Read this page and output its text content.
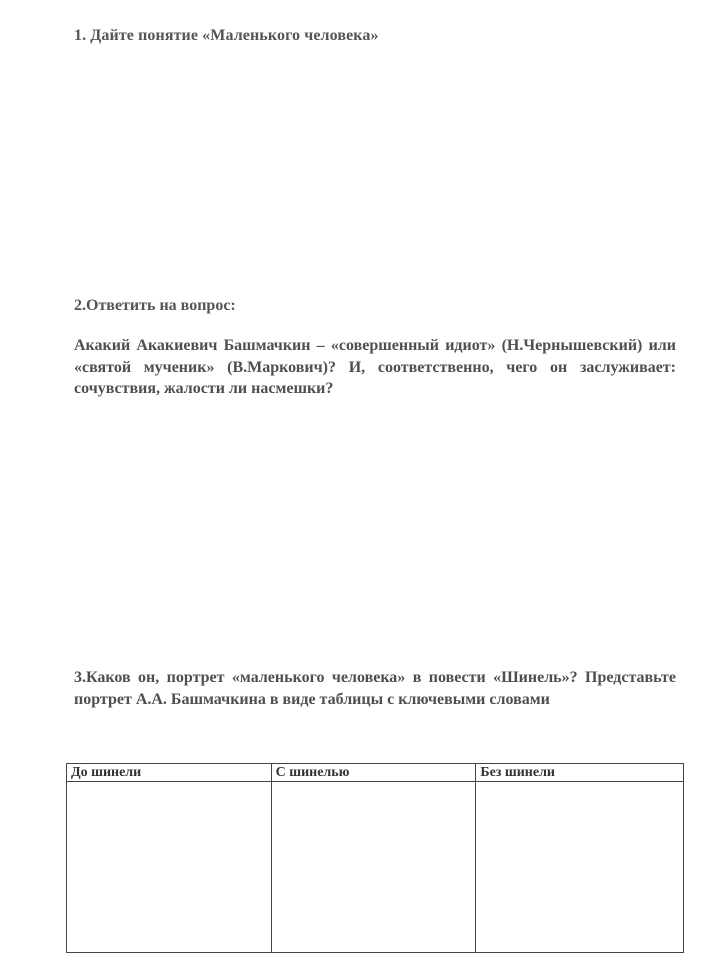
1. Дайте понятие «Маленького человека»
2.Ответить на вопрос:

Акакий Акакиевич Башмачкин – «совершенный идиот» (Н.Чернышевский) или «святой мученик» (В.Маркович)? И, соответственно, чего он заслуживает: сочувствия, жалости ли насмешки?

3.Каков он, портрет «маленького человека» в повести «Шинель»? Представьте портрет А.А. Башмачкина в виде таблицы с ключевыми словами

До шинели	С шинелью	Без шинели
